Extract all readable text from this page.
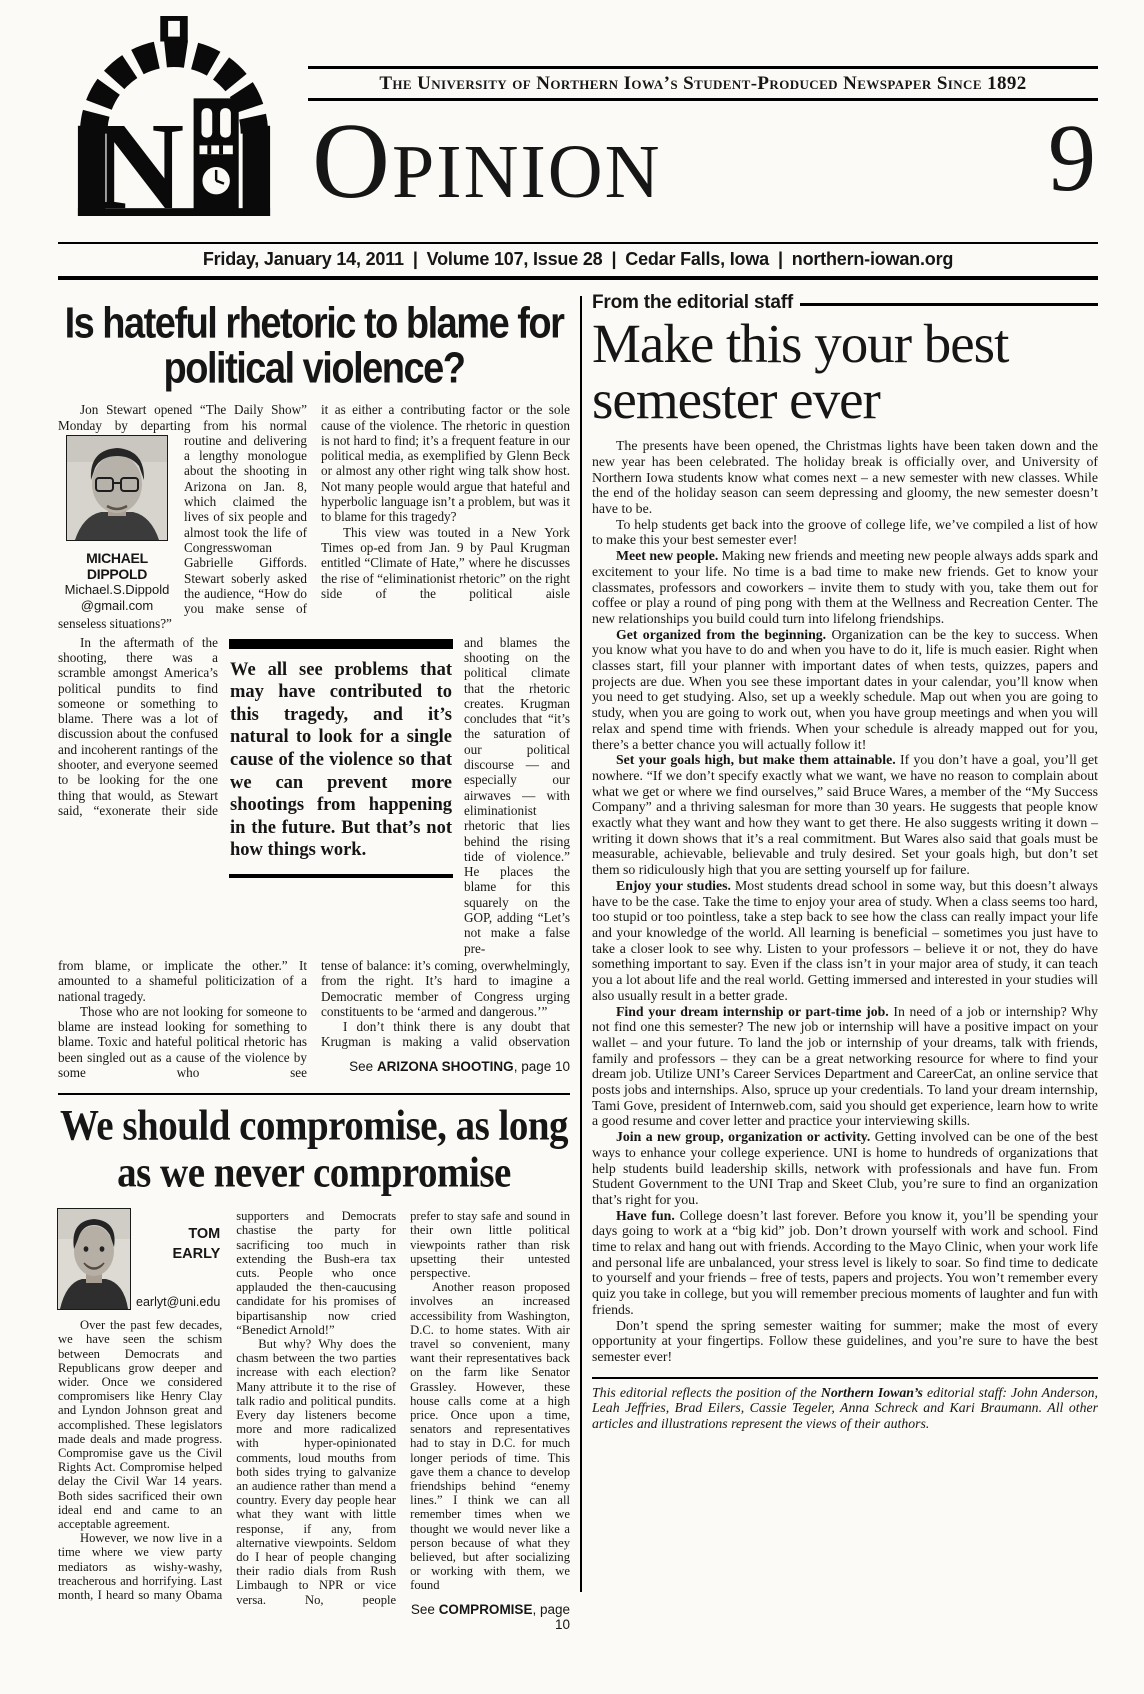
N
The University of Northern Iowa’s Student-Produced Newspaper Since 1892
Opinion	9
Friday, January 14, 2011 | Volume 107, Issue 28 | Cedar Falls, Iowa | northern-iowan.org
Is hateful rhetoric to blame for political violence?

Jon Stewart opened “The Daily Show” Monday by departing from his normal

MICHAEL DIPPOLD
Michael.S.Dippold
@gmail.com

routine and delivering a lengthy monologue about the shooting in Arizona on Jan. 8, which claimed the lives of six people and almost took the life of Congresswoman Gabrielle Giffords. Stewart soberly asked the audience, “How do you make sense of senseless situations?”

it as either a contributing factor or the sole cause of the violence. The rhetoric in question is not hard to find; it’s a frequent feature in our political media, as exemplified by Glenn Beck or almost any other right wing talk show host. Not many people would argue that hateful and hyperbolic language isn’t a problem, but was it to blame for this tragedy?

This view was touted in a New York Times op-ed from Jan. 9 by Paul Krugman entitled “Climate of Hate,” where he discusses the rise of “eliminationist rhetoric” on the right side of the political aisle

In the aftermath of the shooting, there was a scramble amongst America’s political pundits to find someone or something to blame. There was a lot of discussion about the confused and incoherent rantings of the shooter, and everyone seemed to be looking for the one thing that would, as Stewart said, “exonerate their side

We all see problems that may have contributed to this tragedy, and it’s natural to look for a single cause of the violence so that we can prevent more shootings from happening in the future. But that’s not how things work.

and blames the shooting on the political climate that the rhetoric creates. Krugman concludes that “it’s the saturation of our political discourse — and especially our airwaves — with eliminationist rhetoric that lies behind the rising tide of violence.” He places the blame for this squarely on the GOP, adding “Let’s not make a false pre-

from blame, or implicate the other.” It amounted to a shameful politicization of a national tragedy.

Those who are not looking for someone to blame are instead looking for something to blame. Toxic and hateful political rhetoric has been singled out as a cause of the violence by some who see

tense of balance: it’s coming, overwhelmingly, from the right. It’s hard to imagine a Democratic member of Congress urging constituents to be ‘armed and dangerous.’”

I don’t think there is any doubt that Krugman is making a valid observation

See ARIZONA SHOOTING, page 10
We should compromise, as long as we never compromise
TOM
EARLY
earlyt@uni.edu

Over the past few decades, we have seen the schism between Democrats and Republicans grow deeper and wider. Once we considered compromisers like Henry Clay and Lyndon Johnson great and accomplished. These legislators made deals and made progress. Compromise gave us the Civil Rights Act. Compromise helped delay the Civil War 14 years. Both sides sacrificed their own ideal end and came to an acceptable agreement.

However, we now live in a time where we view party mediators as wishy-washy, treacherous and horrifying. Last month, I heard so many Obama

supporters and Democrats chastise the party for sacrificing too much in extending the Bush-era tax cuts. People who once applauded the then-caucusing candidate for his promises of bipartisanship now cried “Benedict Arnold!”

But why? Why does the chasm between the two parties increase with each election? Many attribute it to the rise of talk radio and political pundits. Every day listeners become more and more radicalized with hyper-opinionated comments, loud mouths from both sides trying to galvanize an audience rather than mend a country. Every day people hear what they want with little response, if any, from alternative viewpoints. Seldom do I hear of people changing their radio dials from Rush Limbaugh to NPR or vice versa. No, people

prefer to stay safe and sound in their own little political viewpoints rather than risk upsetting their untested perspective.

Another reason proposed involves an increased accessibility from Washington, D.C. to home states. With air travel so convenient, many want their representatives back on the farm like Senator Grassley. However, these house calls come at a high price. Once upon a time, senators and representatives had to stay in D.C. for much longer periods of time. This gave them a chance to develop friendships behind “enemy lines.” I think we can all remember times when we thought we would never like a person because of what they believed, but after socializing or working with them, we found

See COMPROMISE, page 10
From the editorial staff
Make this your best semester ever

The presents have been opened, the Christmas lights have been taken down and the new year has been celebrated. The holiday break is officially over, and University of Northern Iowa students know what comes next – a new semester with new classes. While the end of the holiday season can seem depressing and gloomy, the new semester doesn’t have to be.

To help students get back into the groove of college life, we’ve compiled a list of how to make this your best semester ever!

Meet new people. Making new friends and meeting new people always adds spark and excitement to your life. No time is a bad time to make new friends. Get to know your classmates, professors and coworkers – invite them to study with you, take them out for coffee or play a round of ping pong with them at the Wellness and Recreation Center. The new relationships you build could turn into lifelong friendships.

Get organized from the beginning. Organization can be the key to success. When you know what you have to do and when you have to do it, life is much easier. Right when classes start, fill your planner with important dates of when tests, quizzes, papers and projects are due. When you see these important dates in your calendar, you’ll know when you need to get studying. Also, set up a weekly schedule. Map out when you are going to study, when you are going to work out, when you have group meetings and when you will relax and spend time with friends. When your schedule is already mapped out for you, there’s a better chance you will actually follow it!

Set your goals high, but make them attainable. If you don’t have a goal, you’ll get nowhere. “If we don’t specify exactly what we want, we have no reason to complain about what we get or where we find ourselves,” said Bruce Wares, a member of the “My Success Company” and a thriving salesman for more than 30 years. He suggests that people know exactly what they want and how they want to get there. He also suggests writing it down – writing it down shows that it’s a real commitment. But Wares also said that goals must be measurable, achievable, believable and truly desired. Set your goals high, but don’t set them so ridiculously high that you are setting yourself up for failure.

Enjoy your studies. Most students dread school in some way, but this doesn’t always have to be the case. Take the time to enjoy your area of study. When a class seems too hard, too stupid or too pointless, take a step back to see how the class can really impact your life and your knowledge of the world. All learning is beneficial – sometimes you just have to take a closer look to see why. Listen to your professors – believe it or not, they do have something important to say. Even if the class isn’t in your major area of study, it can teach you a lot about life and the real world. Getting immersed and interested in your studies will also usually result in a better grade.

Find your dream internship or part-time job. In need of a job or internship? Why not find one this semester? The new job or internship will have a positive impact on your wallet – and your future. To land the job or internship of your dreams, talk with friends, family and professors – they can be a great networking resource for where to find your dream job. Utilize UNI’s Career Services Department and CareerCat, an online service that posts jobs and internships. Also, spruce up your credentials. To land your dream internship, Tami Gove, president of Internweb.com, said you should get experience, learn how to write a good resume and cover letter and practice your interviewing skills.

Join a new group, organization or activity. Getting involved can be one of the best ways to enhance your college experience. UNI is home to hundreds of organizations that help students build leadership skills, network with professionals and have fun. From Student Government to the UNI Trap and Skeet Club, you’re sure to find an organization that’s right for you.

Have fun. College doesn’t last forever. Before you know it, you’ll be spending your days going to work at a “big kid” job. Don’t drown yourself with work and school. Find time to relax and hang out with friends. According to the Mayo Clinic, when your work life and personal life are unbalanced, your stress level is likely to soar. So find time to dedicate to yourself and your friends – free of tests, papers and projects. You won’t remember every quiz you take in college, but you will remember precious moments of laughter and fun with friends.

Don’t spend the spring semester waiting for summer; make the most of every opportunity at your fingertips. Follow these guidelines, and you’re sure to have the best semester ever!

This editorial reflects the position of the Northern Iowan’s editorial staff: John Anderson, Leah Jeffries, Brad Eilers, Cassie Tegeler, Anna Schreck and Kari Braumann. All other articles and illustrations represent the views of their authors.
